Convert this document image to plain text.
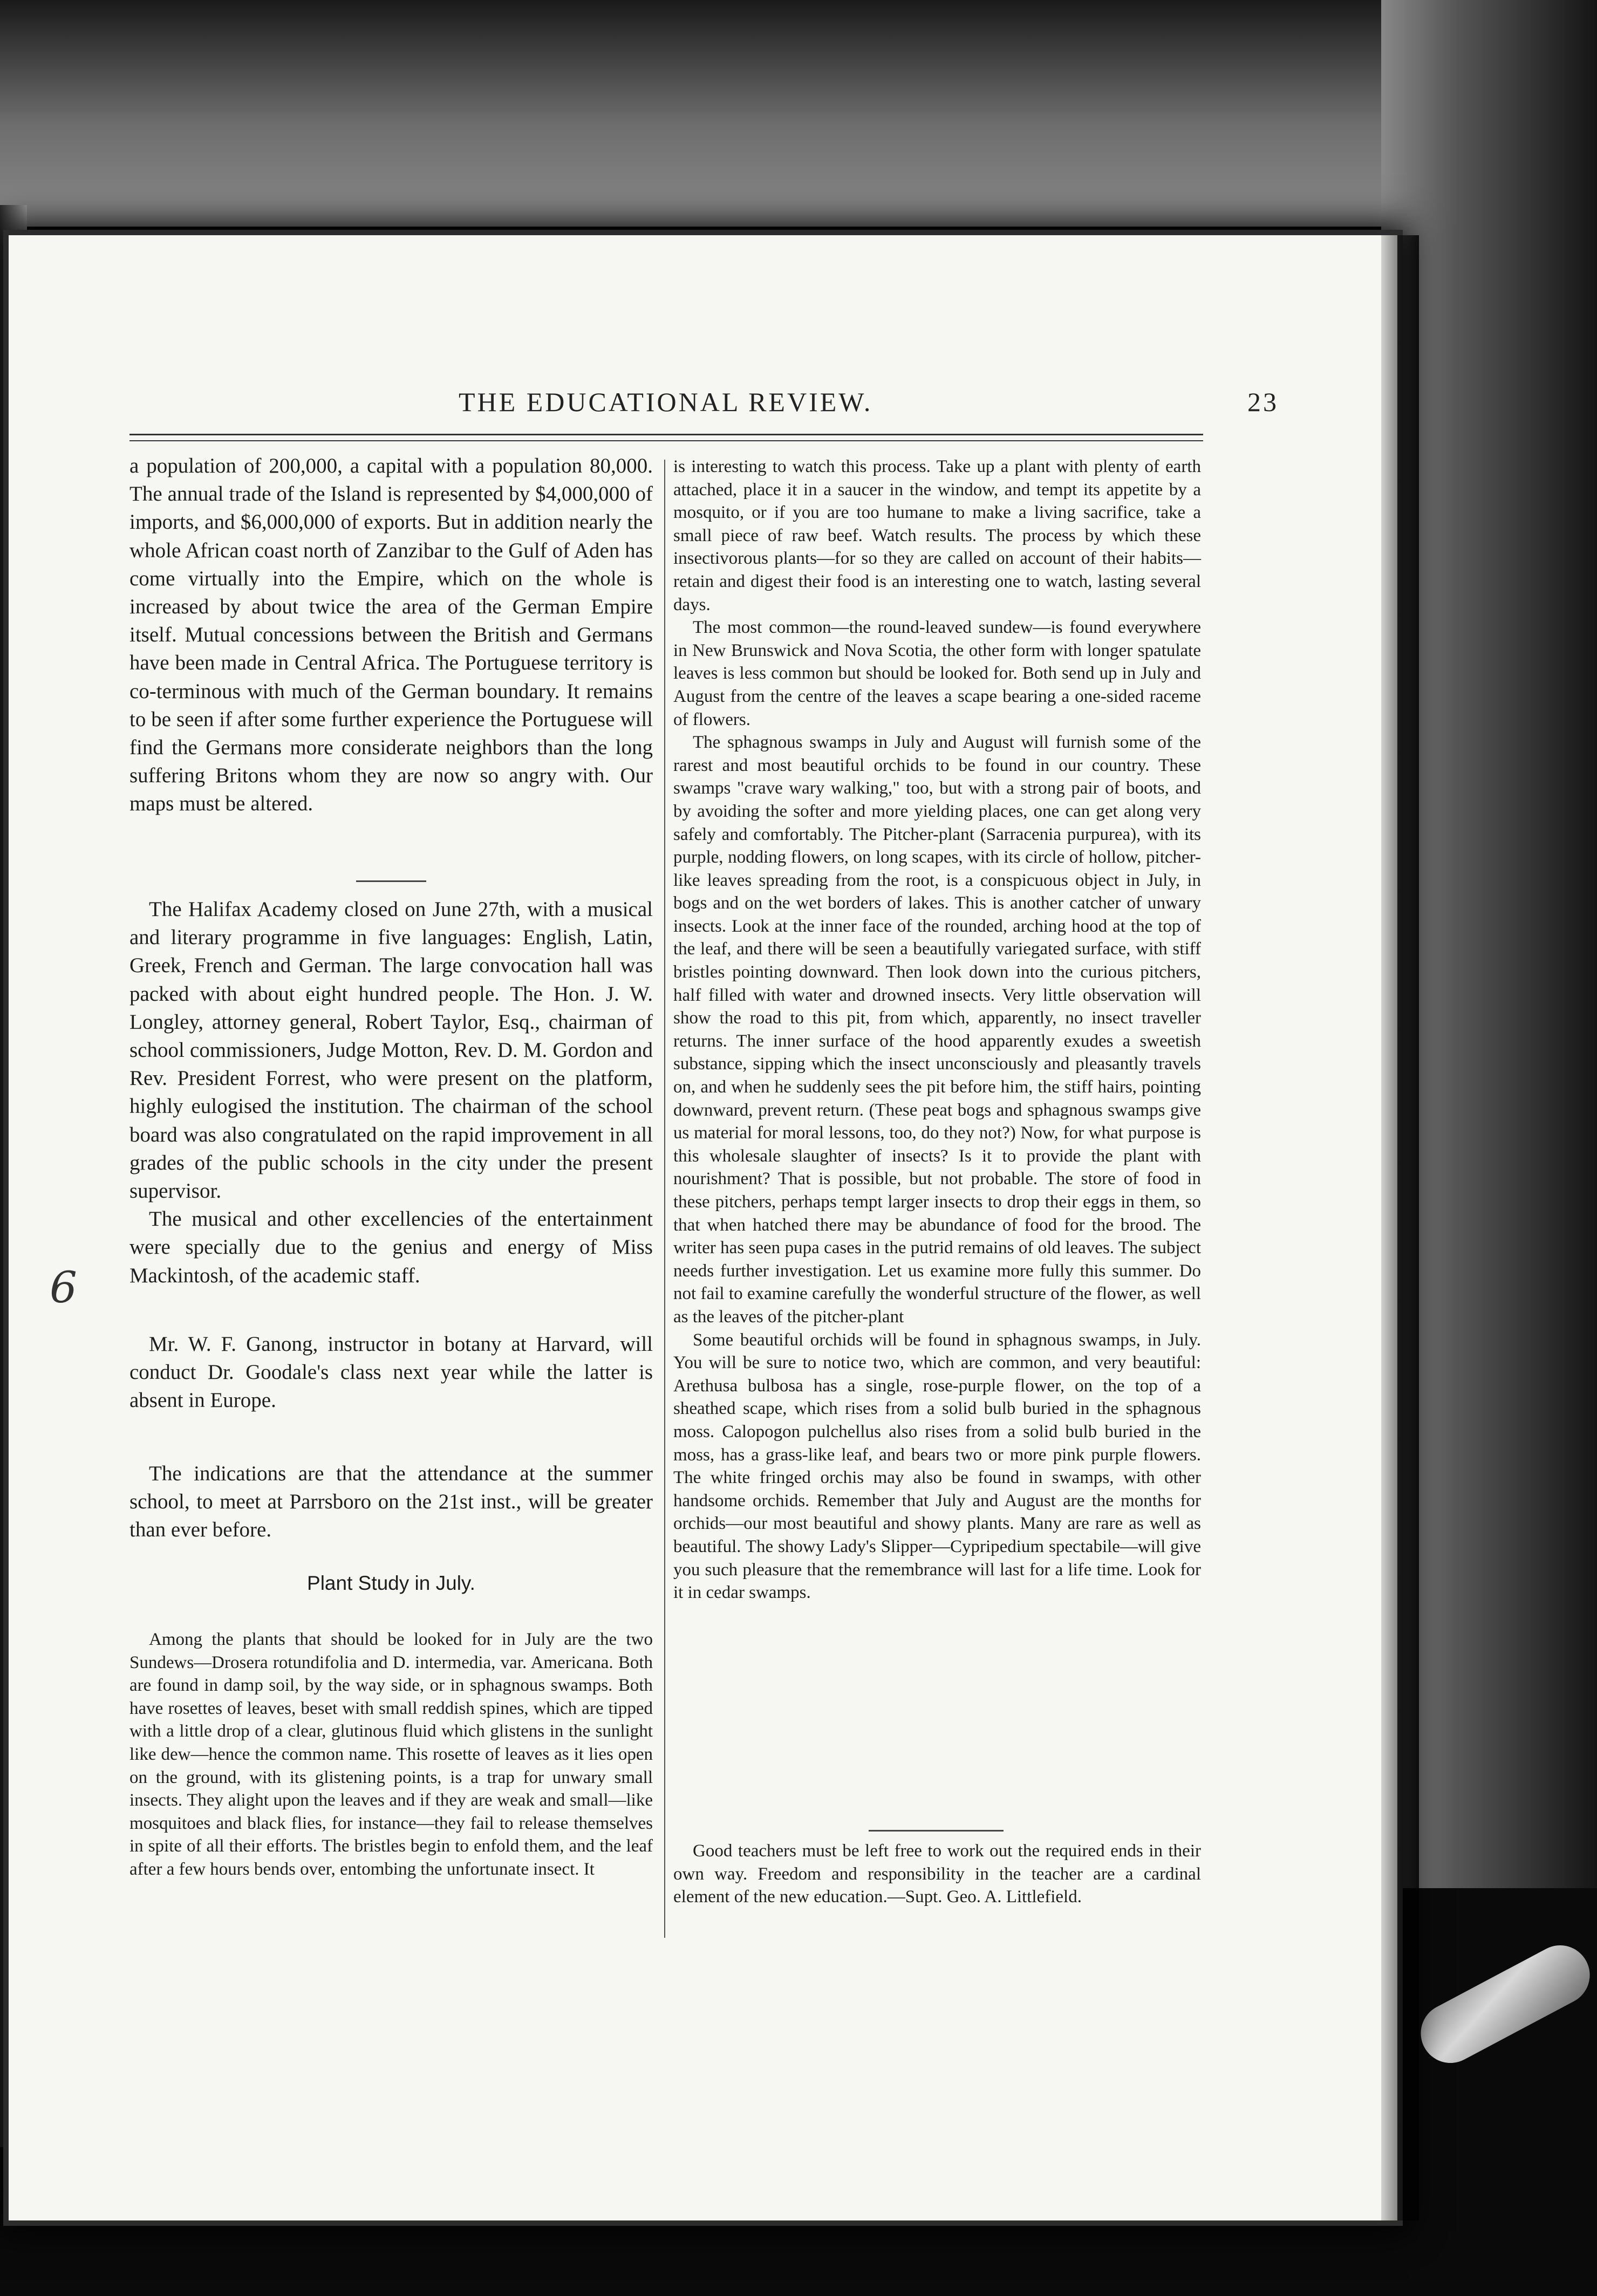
THE EDUCATIONAL REVIEW.	23

a population of 200,000, a capital with a population 80,000. The annual trade of the Island is represented by $4,000,000 of imports, and $6,000,000 of exports. But in addition nearly the whole African coast north of Zanzibar to the Gulf of Aden has come virtually into the Empire, which on the whole is increased by about twice the area of the German Empire itself. Mutual concessions between the British and Germans have been made in Central Africa. The Portuguese territory is co-terminous with much of the German boundary. It remains to be seen if after some further experience the Portuguese will find the Germans more considerate neighbors than the long suffering Britons whom they are now so angry with. Our maps must be altered.

The Halifax Academy closed on June 27th, with a musical and literary programme in five languages: English, Latin, Greek, French and German. The large convocation hall was packed with about eight hundred people. The Hon. J. W. Longley, attorney general, Robert Taylor, Esq., chairman of school commissioners, Judge Motton, Rev. D. M. Gordon and Rev. President Forrest, who were present on the platform, highly eulogised the institution. The chairman of the school board was also congratulated on the rapid improvement in all grades of the public schools in the city under the present supervisor.

The musical and other excellencies of the entertainment were specially due to the genius and energy of Miss Mackintosh, of the academic staff.

Mr. W. F. Ganong, instructor in botany at Harvard, will conduct Dr. Goodale's class next year while the latter is absent in Europe.

The indications are that the attendance at the summer school, to meet at Parrsboro on the 21st inst., will be greater than ever before.

Plant Study in July.

Among the plants that should be looked for in July are the two Sundews—Drosera rotundifolia and D. intermedia, var. Americana. Both are found in damp soil, by the way side, or in sphagnous swamps. Both have rosettes of leaves, beset with small reddish spines, which are tipped with a little drop of a clear, glutinous fluid which glistens in the sunlight like dew—hence the common name. This rosette of leaves as it lies open on the ground, with its glistening points, is a trap for unwary small insects. They alight upon the leaves and if they are weak and small—like mosquitoes and black flies, for instance—they fail to release themselves in spite of all their efforts. The bristles begin to enfold them, and the leaf after a few hours bends over, entombing the unfortunate insect. It

is interesting to watch this process. Take up a plant with plenty of earth attached, place it in a saucer in the window, and tempt its appetite by a mosquito, or if you are too humane to make a living sacrifice, take a small piece of raw beef. Watch results. The process by which these insectivorous plants—for so they are called on account of their habits—retain and digest their food is an interesting one to watch, lasting several days.

The most common—the round-leaved sundew—is found everywhere in New Brunswick and Nova Scotia, the other form with longer spatulate leaves is less common but should be looked for. Both send up in July and August from the centre of the leaves a scape bearing a one-sided raceme of flowers.

The sphagnous swamps in July and August will furnish some of the rarest and most beautiful orchids to be found in our country. These swamps "crave wary walking," too, but with a strong pair of boots, and by avoiding the softer and more yielding places, one can get along very safely and comfortably. The Pitcher-plant (Sarracenia purpurea), with its purple, nodding flowers, on long scapes, with its circle of hollow, pitcher-like leaves spreading from the root, is a conspicuous object in July, in bogs and on the wet borders of lakes. This is another catcher of unwary insects. Look at the inner face of the rounded, arching hood at the top of the leaf, and there will be seen a beautifully variegated surface, with stiff bristles pointing downward. Then look down into the curious pitchers, half filled with water and drowned insects. Very little observation will show the road to this pit, from which, apparently, no insect traveller returns. The inner surface of the hood apparently exudes a sweetish substance, sipping which the insect unconsciously and pleasantly travels on, and when he suddenly sees the pit before him, the stiff hairs, pointing downward, prevent return. (These peat bogs and sphagnous swamps give us material for moral lessons, too, do they not?) Now, for what purpose is this wholesale slaughter of insects? Is it to provide the plant with nourishment? That is possible, but not probable. The store of food in these pitchers, perhaps tempt larger insects to drop their eggs in them, so that when hatched there may be abundance of food for the brood. The writer has seen pupa cases in the putrid remains of old leaves. The subject needs further investigation. Let us examine more fully this summer. Do not fail to examine carefully the wonderful structure of the flower, as well as the leaves of the pitcher-plant

Some beautiful orchids will be found in sphagnous swamps, in July. You will be sure to notice two, which are common, and very beautiful: Arethusa bulbosa has a single, rose-purple flower, on the top of a sheathed scape, which rises from a solid bulb buried in the sphagnous moss. Calopogon pulchellus also rises from a solid bulb buried in the moss, has a grass-like leaf, and bears two or more pink purple flowers. The white fringed orchis may also be found in swamps, with other handsome orchids. Remember that July and August are the months for orchids—our most beautiful and showy plants. Many are rare as well as beautiful. The showy Lady's Slipper—Cypripedium spectabile—will give you such pleasure that the remembrance will last for a life time. Look for it in cedar swamps.

Good teachers must be left free to work out the required ends in their own way. Freedom and responsibility in the teacher are a cardinal element of the new education.—Supt. Geo. A. Littlefield.

6
